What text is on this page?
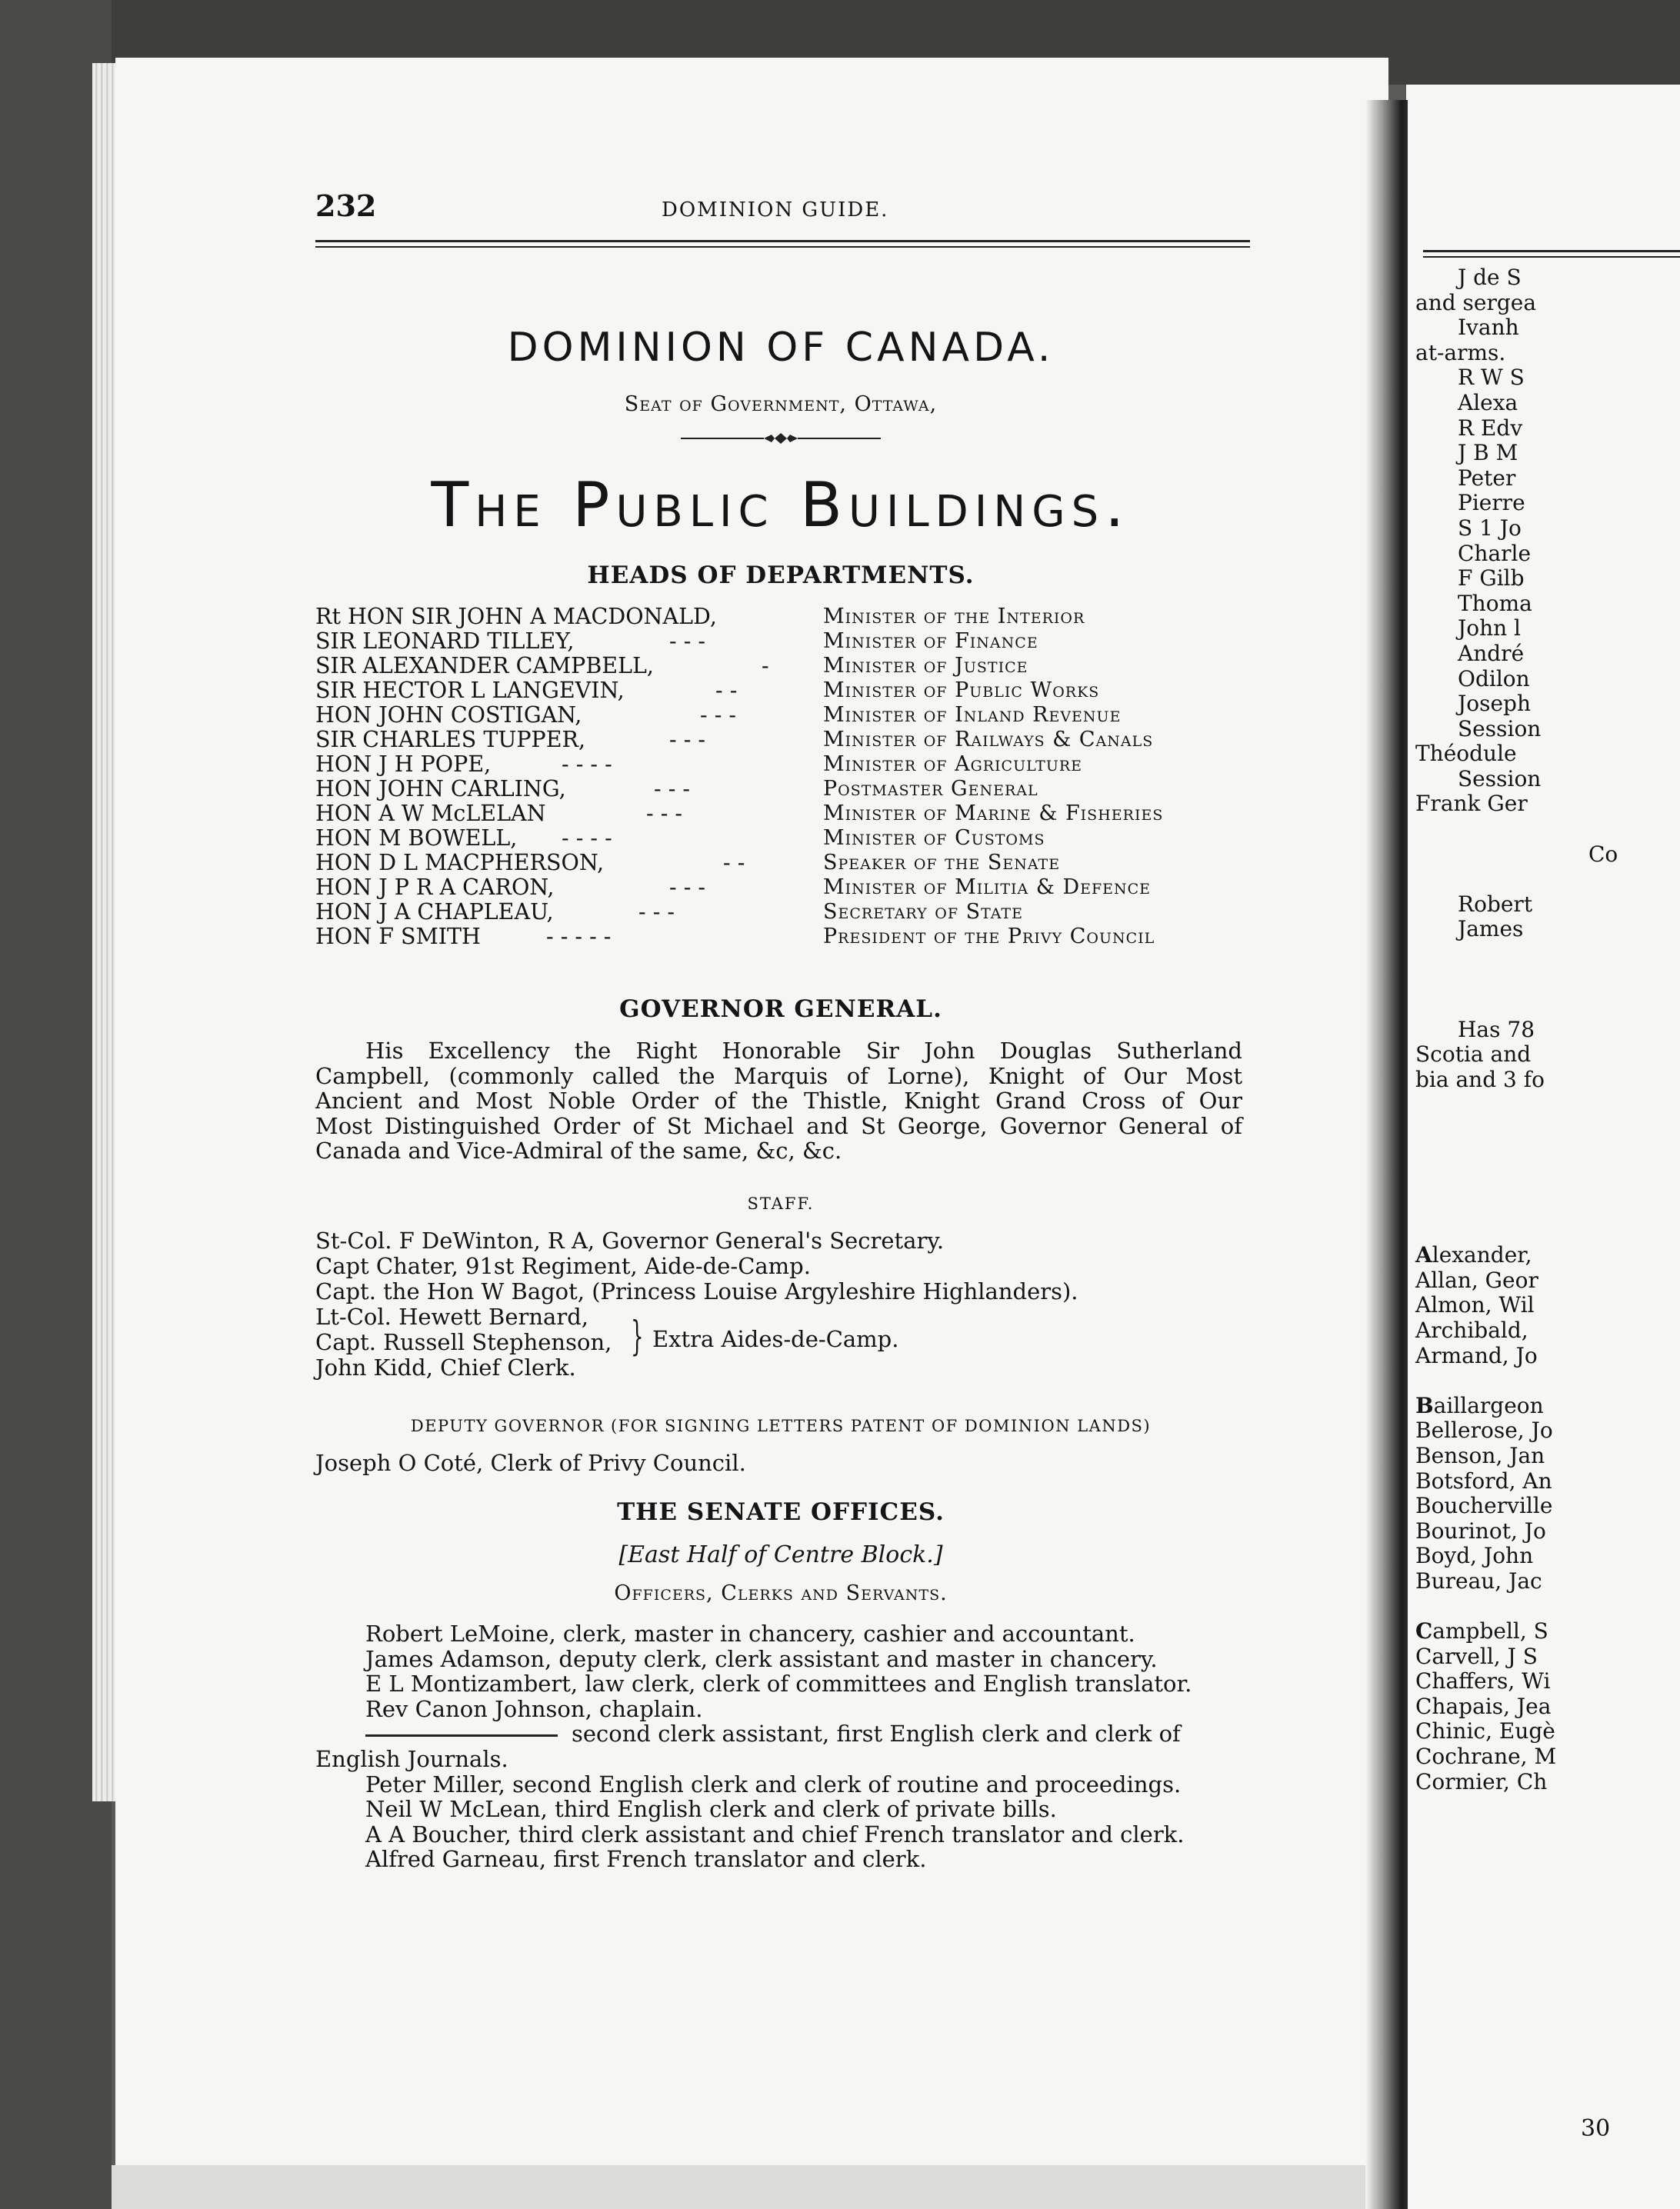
232	DOMINION GUIDE.
DOMINION OF CANADA.
Seat of Government, Ottawa,
The Public Buildings.
HEADS OF DEPARTMENTS.
Rt HON SIR JOHN A MACDONALD,	Minister of the Interior
SIR LEONARD TILLEY,	- - -	Minister of Finance
SIR ALEXANDER CAMPBELL,	-	Minister of Justice
SIR HECTOR L LANGEVIN,	- -	Minister of Public Works
HON JOHN COSTIGAN,	- - -	Minister of Inland Revenue
SIR CHARLES TUPPER,	- - -	Minister of Railways & Canals
HON J H POPE,	- - - -	Minister of Agriculture
HON JOHN CARLING,	- - -	Postmaster General
HON A W McLELAN	- - -	Minister of Marine & Fisheries
HON M BOWELL, - - - -	Minister of Customs
HON D L MACPHERSON,	- -	Speaker of the Senate
HON J P R A CARON,	- - -	Minister of Militia & Defence
HON J A CHAPLEAU,	- - -	Secretary of State
HON F SMITH	- - - - -	President of the Privy Council
GOVERNOR GENERAL.
His Excellency the Right Honorable Sir John Douglas Sutherland
Campbell, (commonly called the Marquis of Lorne), Knight of Our Most
Ancient and Most Noble Order of the Thistle, Knight Grand Cross of Our
Most Distinguished Order of St Michael and St George, Governor General of
Canada and Vice-Admiral of the same, &c, &c.
STAFF.
St-Col. F DeWinton, R A, Governor General's Secretary.
Capt Chater, 91st Regiment, Aide-de-Camp.
Capt. the Hon W Bagot, (Princess Louise Argyleshire Highlanders).
Lt-Col. Hewett Bernard,
Capt. Russell Stephenson,
John Kidd, Chief Clerk.
} Extra Aides-de-Camp.
DEPUTY GOVERNOR (FOR SIGNING LETTERS PATENT OF DOMINION LANDS)
Joseph O Coté, Clerk of Privy Council.
THE SENATE OFFICES.
[East Half of Centre Block.]
Officers, Clerks and Servants.
Robert LeMoine, clerk, master in chancery, cashier and accountant.
James Adamson, deputy clerk, clerk assistant and master in chancery.
E L Montizambert, law clerk, clerk of committees and English translator.
Rev Canon Johnson, chaplain.
second clerk assistant, first English clerk and clerk of
English Journals.
Peter Miller, second English clerk and clerk of routine and proceedings.
Neil W McLean, third English clerk and clerk of private bills.
A A Boucher, third clerk assistant and chief French translator and clerk.
Alfred Garneau, first French translator and clerk.
J de S
and sergea
Ivanh
at-arms.
R W S
Alexa
R Edv
J B M
Peter
Pierre
S 1 Jo
Charle
F Gilb
Thoma
John l
André
Odilon
Joseph
Session
Théodule
Session
Frank Ger
Co
Robert
James
Has 78
Scotia and
bia and 3 fo
Alexander,
Allan, Geor
Almon, Wil
Archibald,
Armand, Jo
Baillargeon
Bellerose, Jo
Benson, Jan
Botsford, An
Boucherville
Bourinot, Jo
Boyd, John
Bureau, Jac
Campbell, S
Carvell, J S
Chaffers, Wi
Chapais, Jea
Chinic, Eugè
Cochrane, M
Cormier, Ch
30
